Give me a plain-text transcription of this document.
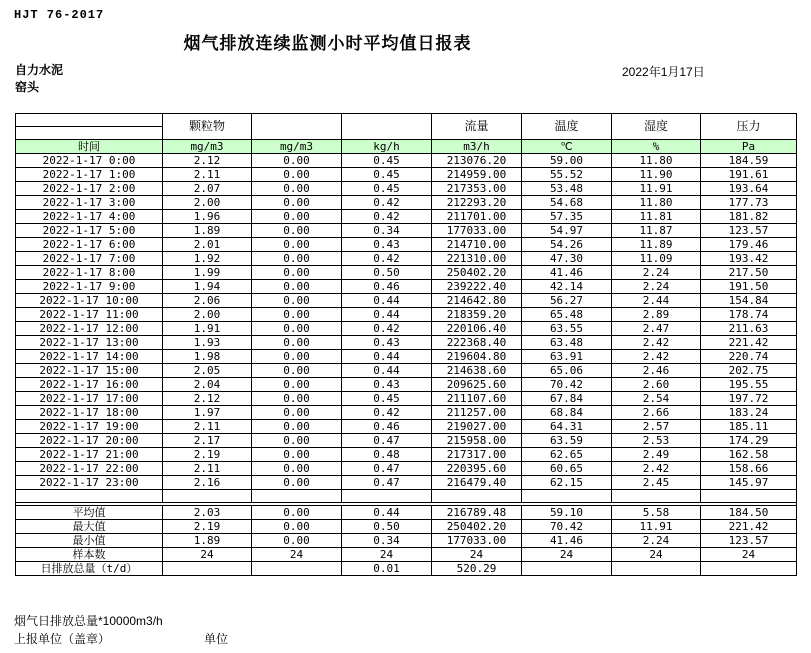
HJT 76-2017
烟气排放连续监测小时平均值日报表
自力水泥	2022年1月17日
窑头
	颗粒物			流量	温度	湿度	压力

时间	mg/m3	mg/m3	kg/h	m3/h	℃	%	Pa
2022-1-17 0:00	2.12	0.00	0.45	213076.20	59.00	11.80	184.59
2022-1-17 1:00	2.11	0.00	0.45	214959.00	55.52	11.90	191.61
2022-1-17 2:00	2.07	0.00	0.45	217353.00	53.48	11.91	193.64
2022-1-17 3:00	2.00	0.00	0.42	212293.20	54.68	11.80	177.73
2022-1-17 4:00	1.96	0.00	0.42	211701.00	57.35	11.81	181.82
2022-1-17 5:00	1.89	0.00	0.34	177033.00	54.97	11.87	123.57
2022-1-17 6:00	2.01	0.00	0.43	214710.00	54.26	11.89	179.46
2022-1-17 7:00	1.92	0.00	0.42	221310.00	47.30	11.09	193.42
2022-1-17 8:00	1.99	0.00	0.50	250402.20	41.46	2.24	217.50
2022-1-17 9:00	1.94	0.00	0.46	239222.40	42.14	2.24	191.50
2022-1-17 10:00	2.06	0.00	0.44	214642.80	56.27	2.44	154.84
2022-1-17 11:00	2.00	0.00	0.44	218359.20	65.48	2.89	178.74
2022-1-17 12:00	1.91	0.00	0.42	220106.40	63.55	2.47	211.63
2022-1-17 13:00	1.93	0.00	0.43	222368.40	63.48	2.42	221.42
2022-1-17 14:00	1.98	0.00	0.44	219604.80	63.91	2.42	220.74
2022-1-17 15:00	2.05	0.00	0.44	214638.60	65.06	2.46	202.75
2022-1-17 16:00	2.04	0.00	0.43	209625.60	70.42	2.60	195.55
2022-1-17 17:00	2.12	0.00	0.45	211107.60	67.84	2.54	197.72
2022-1-17 18:00	1.97	0.00	0.42	211257.00	68.84	2.66	183.24
2022-1-17 19:00	2.11	0.00	0.46	219027.00	64.31	2.57	185.11
2022-1-17 20:00	2.17	0.00	0.47	215958.00	63.59	2.53	174.29
2022-1-17 21:00	2.19	0.00	0.48	217317.00	62.65	2.49	162.58
2022-1-17 22:00	2.11	0.00	0.47	220395.60	60.65	2.42	158.66
2022-1-17 23:00	2.16	0.00	0.47	216479.40	62.15	2.45	145.97

平均值	2.03	0.00	0.44	216789.48	59.10	5.58	184.50
最大值	2.19	0.00	0.50	250402.20	70.42	11.91	221.42
最小值	1.89	0.00	0.34	177033.00	41.46	2.24	123.57
样本数	24	24	24	24	24	24	24
日排放总量（t/d）			0.01	520.29			
烟气日排放总量*10000m3/h
上报单位（盖章）	单位
